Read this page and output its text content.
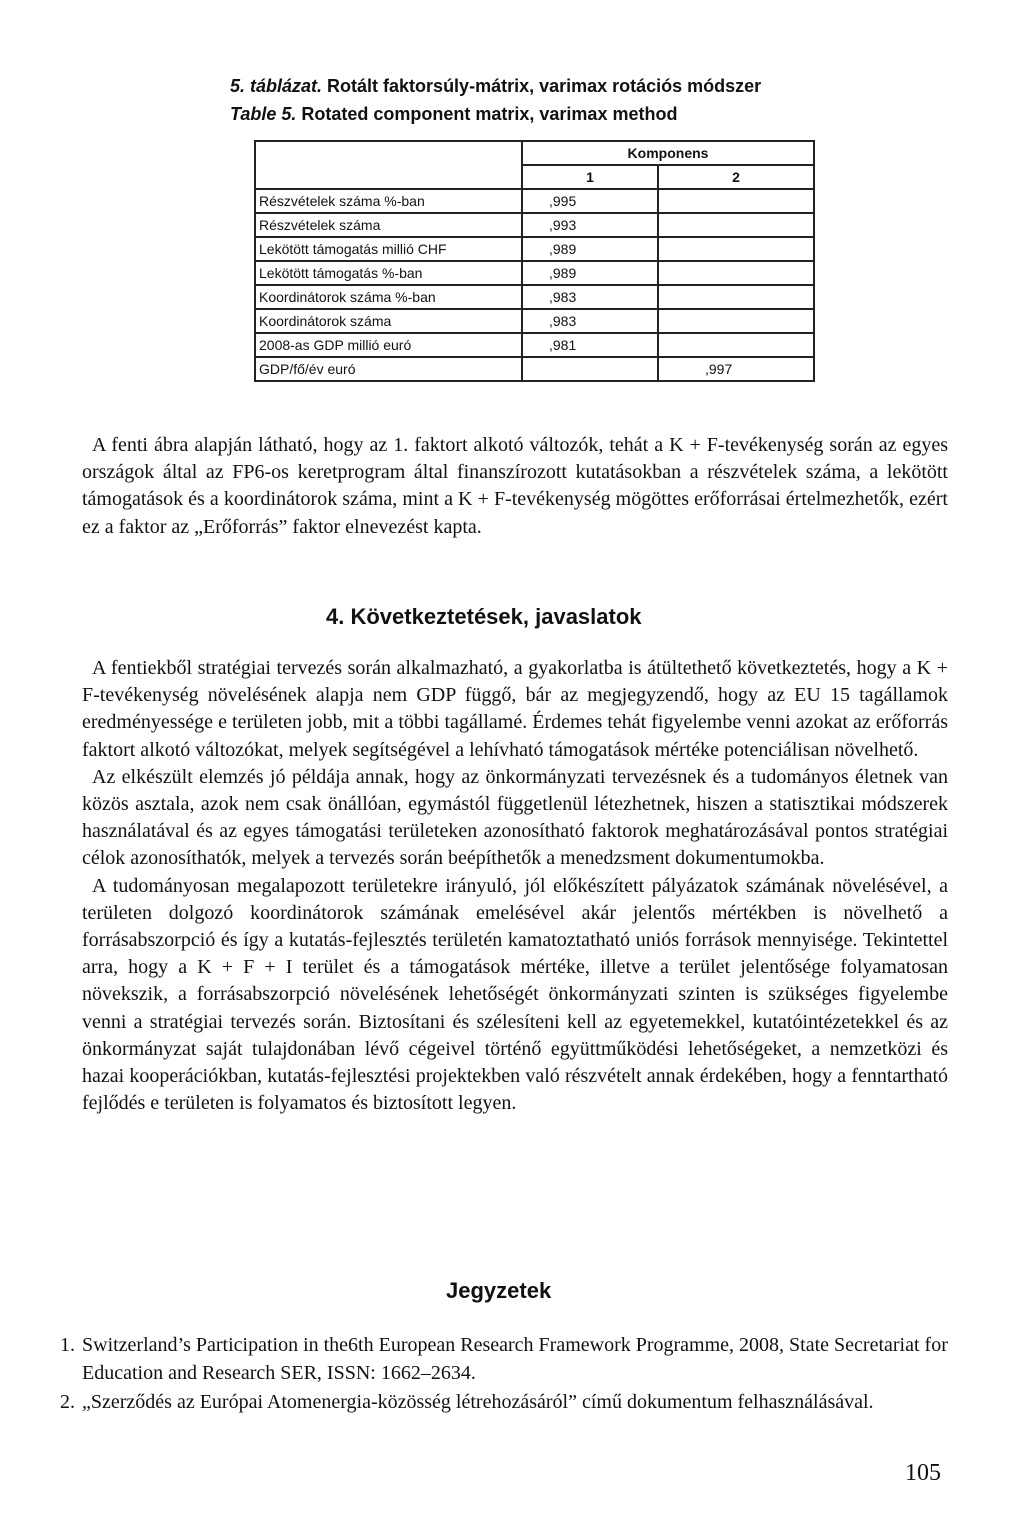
5. táblázat. Rotált faktorsúly-mátrix, varimax rotációs módszer
Table 5. Rotated component matrix, varimax method
	Komponens	
	1	2
Részvételek száma %-ban	,995	
Részvételek száma	,993	
Lekötött támogatás millió CHF	,989	
Lekötött támogatás %-ban	,989	
Koordinátorok száma %-ban	,983	
Koordinátorok száma	,983	
2008-as GDP millió euró	,981	
GDP/fő/év euró		,997

A fenti ábra alapján látható, hogy az 1. faktort alkotó változók, tehát a K + F-tevékenység során az egyes országok által az FP6-os keretprogram által finanszírozott kutatásokban a részvételek száma, a lekötött támogatások és a koordinátorok száma, mint a K + F-tevékenység mögöttes erőforrásai értelmezhetők, ezért ez a faktor az „Erőforrás” faktor elnevezést kapta.

4. Következtetések, javaslatok

A fentiekből stratégiai tervezés során alkalmazható, a gyakorlatba is átültethető következtetés, hogy a K + F-tevékenység növelésének alapja nem GDP függő, bár az megjegyzendő, hogy az EU 15 tagállamok eredményessége e területen jobb, mit a többi tagállamé. Érdemes tehát figyelembe venni azokat az erőforrás faktort alkotó változókat, melyek segítségével a lehívható támogatások mértéke potenciálisan növelhető.

Az elkészült elemzés jó példája annak, hogy az önkormányzati tervezésnek és a tudományos életnek van közös asztala, azok nem csak önállóan, egymástól függetlenül létezhetnek, hiszen a statisztikai módszerek használatával és az egyes támogatási területeken azonosítható faktorok meghatározásával pontos stratégiai célok azonosíthatók, melyek a tervezés során beépíthetők a menedzsment dokumentumokba.

A tudományosan megalapozott területekre irányuló, jól előkészített pályázatok számának növelésével, a területen dolgozó koordinátorok számának emelésével akár jelentős mértékben is növelhető a forrásabszorpció és így a kutatás-fejlesztés területén kamatoztatható uniós források mennyisége. Tekintettel arra, hogy a K + F + I terület és a támogatások mértéke, illetve a terület jelentősége folyamatosan növekszik, a forrásabszorpció növelésének lehetőségét önkormányzati szinten is szükséges figyelembe venni a stratégiai tervezés során. Biztosítani és szélesíteni kell az egyetemekkel, kutatóintézetekkel és az önkormányzat saját tulajdonában lévő cégeivel történő együttműködési lehetőségeket, a nemzetközi és hazai kooperációkban, kutatás-fejlesztési projektekben való részvételt annak érdekében, hogy a fenntartható fejlődés e területen is folyamatos és biztosított legyen.

Jegyzetek
1. Switzerland’s Participation in the6th European Research Framework Programme, 2008, State Secretariat for Education and Research SER, ISSN: 1662–2634.
2. „Szerződés az Európai Atomenergia-közösség létrehozásáról” című dokumentum felhasználásával.
105
